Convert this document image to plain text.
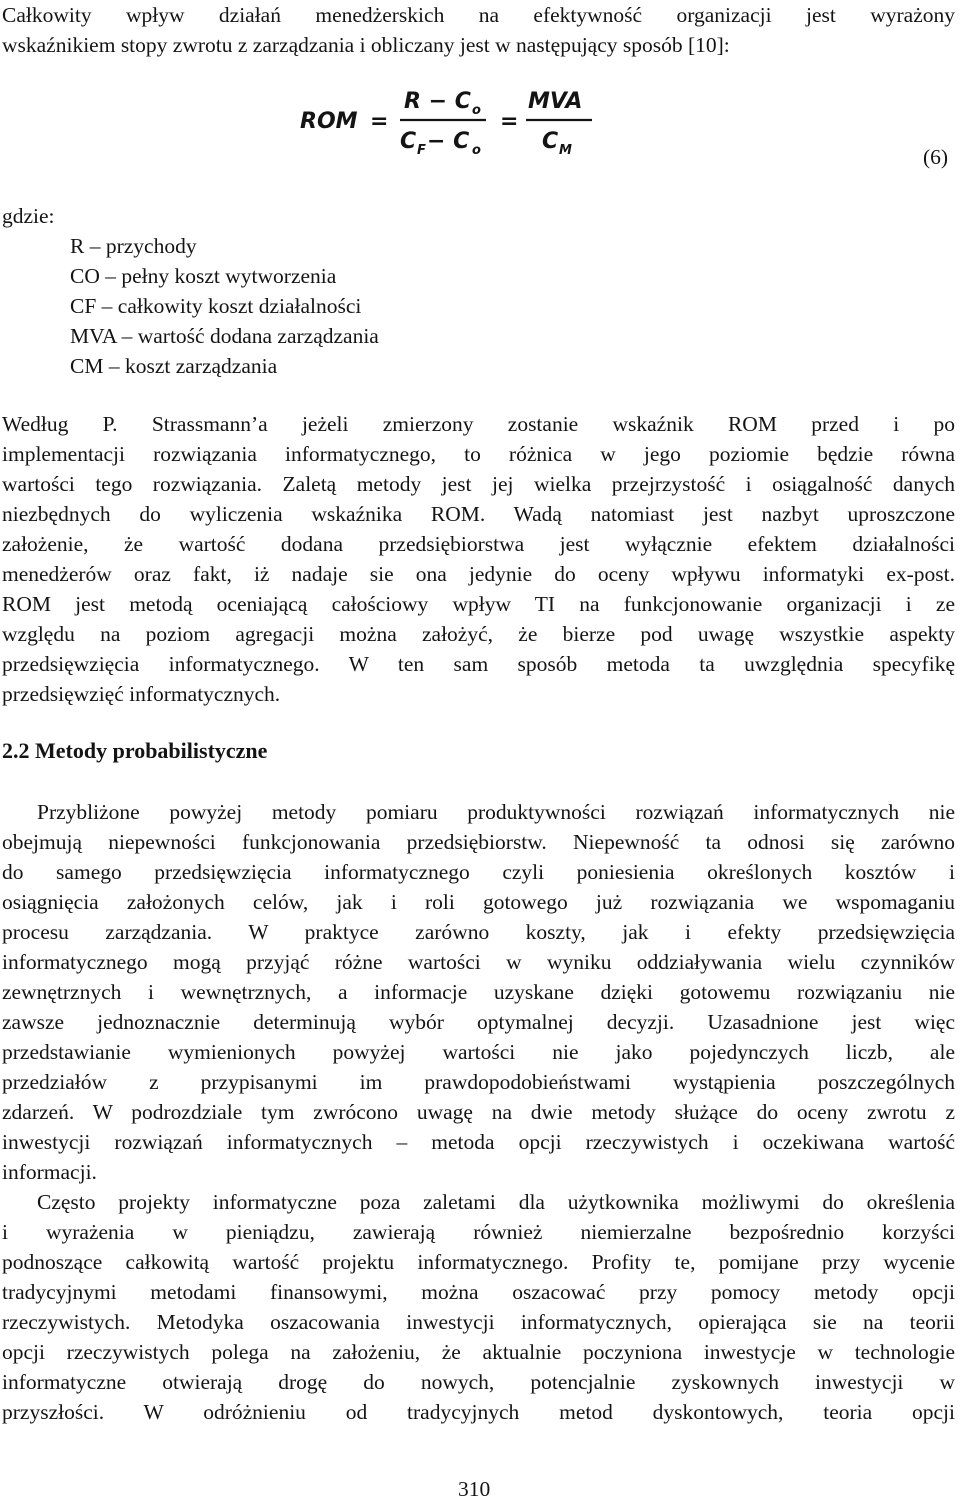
Całkowity wpływ działań menedżerskich na efektywność organizacji jest wyrażony
wskaźnikiem stopy zwrotu z zarządzania i obliczany jest w następujący sposób [10]:
ROM =
R − C o
C F − C o
=
MVA
C M	(6)
gdzie:
R – przychody
CO – pełny koszt wytworzenia
CF – całkowity koszt działalności
MVA – wartość dodana zarządzania
CM – koszt zarządzania
Według P. Strassmann’a jeżeli zmierzony zostanie wskaźnik ROM przed i po
implementacji rozwiązania informatycznego, to różnica w jego poziomie będzie równa
wartości tego rozwiązania. Zaletą metody jest jej wielka przejrzystość i osiągalność danych
niezbędnych do wyliczenia wskaźnika ROM. Wadą natomiast jest nazbyt uproszczone
założenie, że wartość dodana przedsiębiorstwa jest wyłącznie efektem działalności
menedżerów oraz fakt, iż nadaje sie ona jedynie do oceny wpływu informatyki ex-post.
ROM jest metodą oceniającą całościowy wpływ TI na funkcjonowanie organizacji i ze
względu na poziom agregacji można założyć, że bierze pod uwagę wszystkie aspekty
przedsięwzięcia informatycznego. W ten sam sposób metoda ta uwzględnia specyfikę
przedsięwzięć informatycznych.
2.2 Metody probabilistyczne
Przybliżone powyżej metody pomiaru produktywności rozwiązań informatycznych nie
obejmują niepewności funkcjonowania przedsiębiorstw. Niepewność ta odnosi się zarówno
do samego przedsięwzięcia informatycznego czyli poniesienia określonych kosztów i
osiągnięcia założonych celów, jak i roli gotowego już rozwiązania we wspomaganiu
procesu zarządzania. W praktyce zarówno koszty, jak i efekty przedsięwzięcia
informatycznego mogą przyjąć różne wartości w wyniku oddziaływania wielu czynników
zewnętrznych i wewnętrznych, a informacje uzyskane dzięki gotowemu rozwiązaniu nie
zawsze jednoznacznie determinują wybór optymalnej decyzji. Uzasadnione jest więc
przedstawianie wymienionych powyżej wartości nie jako pojedynczych liczb, ale
przedziałów z przypisanymi im prawdopodobieństwami wystąpienia poszczególnych
zdarzeń. W podrozdziale tym zwrócono uwagę na dwie metody służące do oceny zwrotu z
inwestycji rozwiązań informatycznych – metoda opcji rzeczywistych i oczekiwana wartość
informacji.
Często projekty informatyczne poza zaletami dla użytkownika możliwymi do określenia
i wyrażenia w pieniądzu, zawierają również niemierzalne bezpośrednio korzyści
podnoszące całkowitą wartość projektu informatycznego. Profity te, pomijane przy wycenie
tradycyjnymi metodami finansowymi, można oszacować przy pomocy metody opcji
rzeczywistych. Metodyka oszacowania inwestycji informatycznych, opierająca sie na teorii
opcji rzeczywistych polega na założeniu, że aktualnie poczyniona inwestycje w technologie
informatyczne otwierają drogę do nowych, potencjalnie zyskownych inwestycji w
przyszłości. W odróżnieniu od tradycyjnych metod dyskontowych, teoria opcji
310
